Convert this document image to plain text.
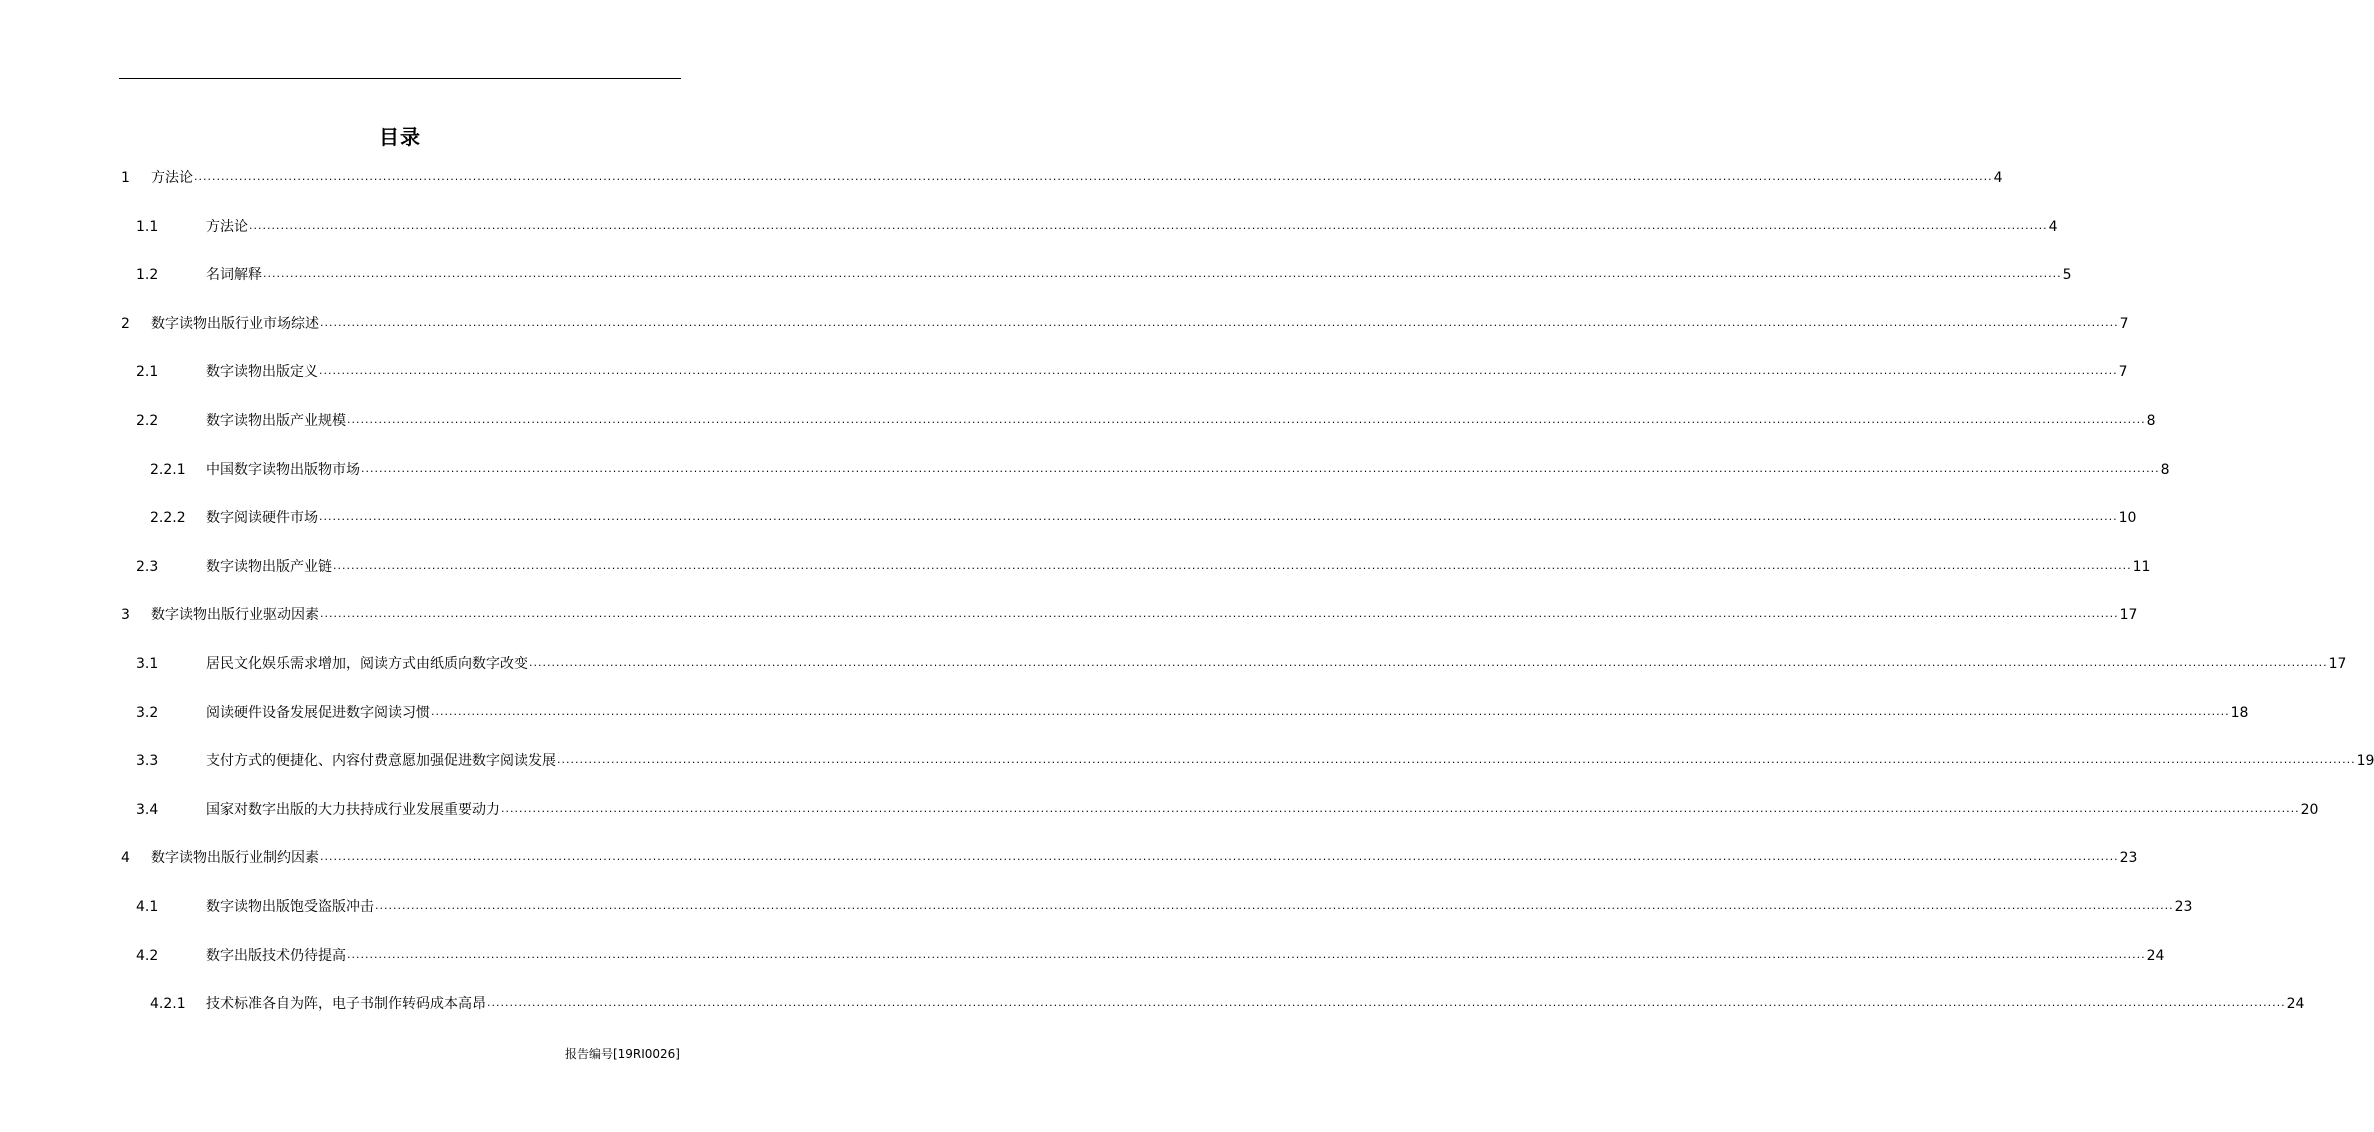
目录
1 方法论 ................................................................................................................................................................................................................................................................................................................................................................................................................ 4
1.1	方法论 ................................................................................................................................................................................................................................................................................................................................................................................................................ 4
1.2	名词解释 ................................................................................................................................................................................................................................................................................................................................................................................................................ 5
2 数字读物出版行业市场综述 ................................................................................................................................................................................................................................................................................................................................................................................................................ 7
2.1	数字读物出版定义 ................................................................................................................................................................................................................................................................................................................................................................................................................ 7
2.2	数字读物出版产业规模 ................................................................................................................................................................................................................................................................................................................................................................................................................ 8
2.2.1 中国数字读物出版物市场 ................................................................................................................................................................................................................................................................................................................................................................................................................ 8
2.2.2 数字阅读硬件市场 ................................................................................................................................................................................................................................................................................................................................................................................................................ 10
2.3	数字读物出版产业链 ................................................................................................................................................................................................................................................................................................................................................................................................................ 11
3 数字读物出版行业驱动因素 ................................................................................................................................................................................................................................................................................................................................................................................................................ 17
3.1	居民文化娱乐需求增加，阅读方式由纸质向数字改变 ................................................................................................................................................................................................................................................................................................................................................................................................................ 17
3.2	阅读硬件设备发展促进数字阅读习惯 ................................................................................................................................................................................................................................................................................................................................................................................................................ 18
3.3	支付方式的便捷化、内容付费意愿加强促进数字阅读发展 ................................................................................................................................................................................................................................................................................................................................................................................................................ 19
3.4	国家对数字出版的大力扶持成行业发展重要动力 ................................................................................................................................................................................................................................................................................................................................................................................................................ 20
4 数字读物出版行业制约因素 ................................................................................................................................................................................................................................................................................................................................................................................................................ 23
4.1	数字读物出版饱受盗版冲击 ................................................................................................................................................................................................................................................................................................................................................................................................................ 23
4.2	数字出版技术仍待提高 ................................................................................................................................................................................................................................................................................................................................................................................................................ 24
4.2.1 技术标准各自为阵，电子书制作转码成本高昂 ................................................................................................................................................................................................................................................................................................................................................................................................................ 24
报告编号[19RI0026]
